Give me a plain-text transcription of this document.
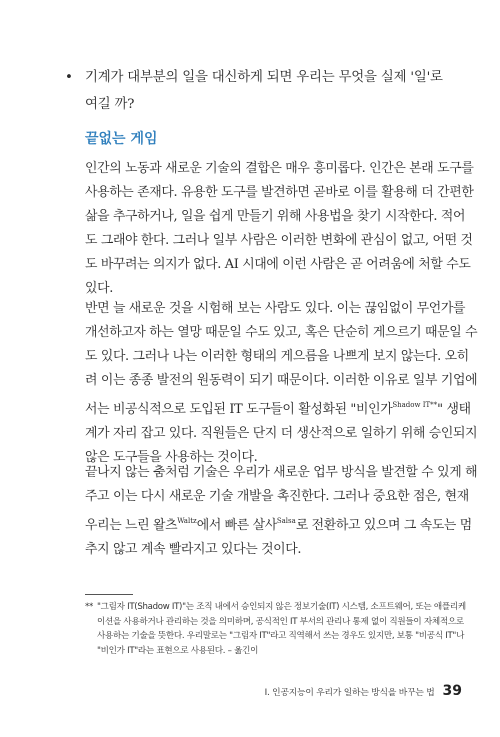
• 기계가 대부분의 일을 대신하게 되면 우리는 무엇을 실제 '일'로 여길 까?

끝없는 게임

인간의 노동과 새로운 기술의 결합은 매우 흥미롭다. 인간은 본래 도구를
사용하는 존재다. 유용한 도구를 발견하면 곧바로 이를 활용해 더 간편한
삶을 추구하거나, 일을 쉽게 만들기 위해 사용법을 찾기 시작한다. 적어
도 그래야 한다. 그러나 일부 사람은 이러한 변화에 관심이 없고, 어떤 것
도 바꾸려는 의지가 없다. AI 시대에 이런 사람은 곧 어려움에 처할 수도
있다.

반면 늘 새로운 것을 시험해 보는 사람도 있다. 이는 끊임없이 무언가를
개선하고자 하는 열망 때문일 수도 있고, 혹은 단순히 게으르기 때문일 수
도 있다. 그러나 나는 이러한 형태의 게으름을 나쁘게 보지 않는다. 오히
려 이는 종종 발전의 원동력이 되기 때문이다. 이러한 이유로 일부 기업에
서는 비공식적으로 도입된 IT 도구들이 활성화된 "비인가$^{Shadow IT**}$" 생태
계가 자리 잡고 있다. 직원들은 단지 더 생산적으로 일하기 위해 승인되지
않은 도구들을 사용하는 것이다.

끝나지 않는 춤처럼 기술은 우리가 새로운 업무 방식을 발견할 수 있게 해
주고 이는 다시 새로운 기술 개발을 촉진한다. 그러나 중요한 점은, 현재
우리는 느린 왈츠$^{Waltz}$에서 빠른 살사$^{Salsa}$로 전환하고 있으며 그 속도는 멈
추지 않고 계속 빨라지고 있다는 것이다.

** "그림자 IT(Shadow IT)"는 조직 내에서 승인되지 않은 정보기술(IT) 시스템, 소프트웨어, 또는 애플리케
이션을 사용하거나 관리하는 것을 의미하며, 공식적인 IT 부서의 관리나 통제 없이 직원들이 자체적으로
사용하는 기술을 뜻한다. 우리말로는 "그림자 IT"라고 직역해서 쓰는 경우도 있지만, 보통 "비공식 IT"나
"비인가 IT"라는 표현으로 사용된다. – 옮긴이
I. 인공지능이 우리가 일하는 방식을 바꾸는 법 39
